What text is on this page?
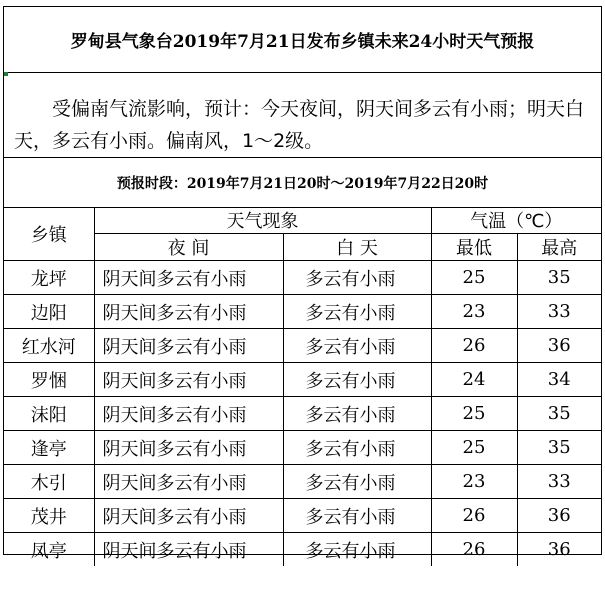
罗甸县气象台2019年7月21日发布乡镇未来24小时天气预报
受偏南气流影响，预计：今天夜间，阴天间多云有小雨；明天白天，多云有小雨。偏南风，1～2级。
预报时段：2019年7月21日20时～2019年7月22日20时
乡镇	天气现象		气温（℃）	
	夜 间	白 天	最低	最高
龙坪	阴天间多云有小雨	多云有小雨	25	35
边阳	阴天间多云有小雨	多云有小雨	23	33
红水河	阴天间多云有小雨	多云有小雨	26	36
罗悃	阴天间多云有小雨	多云有小雨	24	34
沫阳	阴天间多云有小雨	多云有小雨	25	35
逢亭	阴天间多云有小雨	多云有小雨	25	35
木引	阴天间多云有小雨	多云有小雨	23	33
茂井	阴天间多云有小雨	多云有小雨	26	36
凤亭	阴天间多云有小雨	多云有小雨	26	36
